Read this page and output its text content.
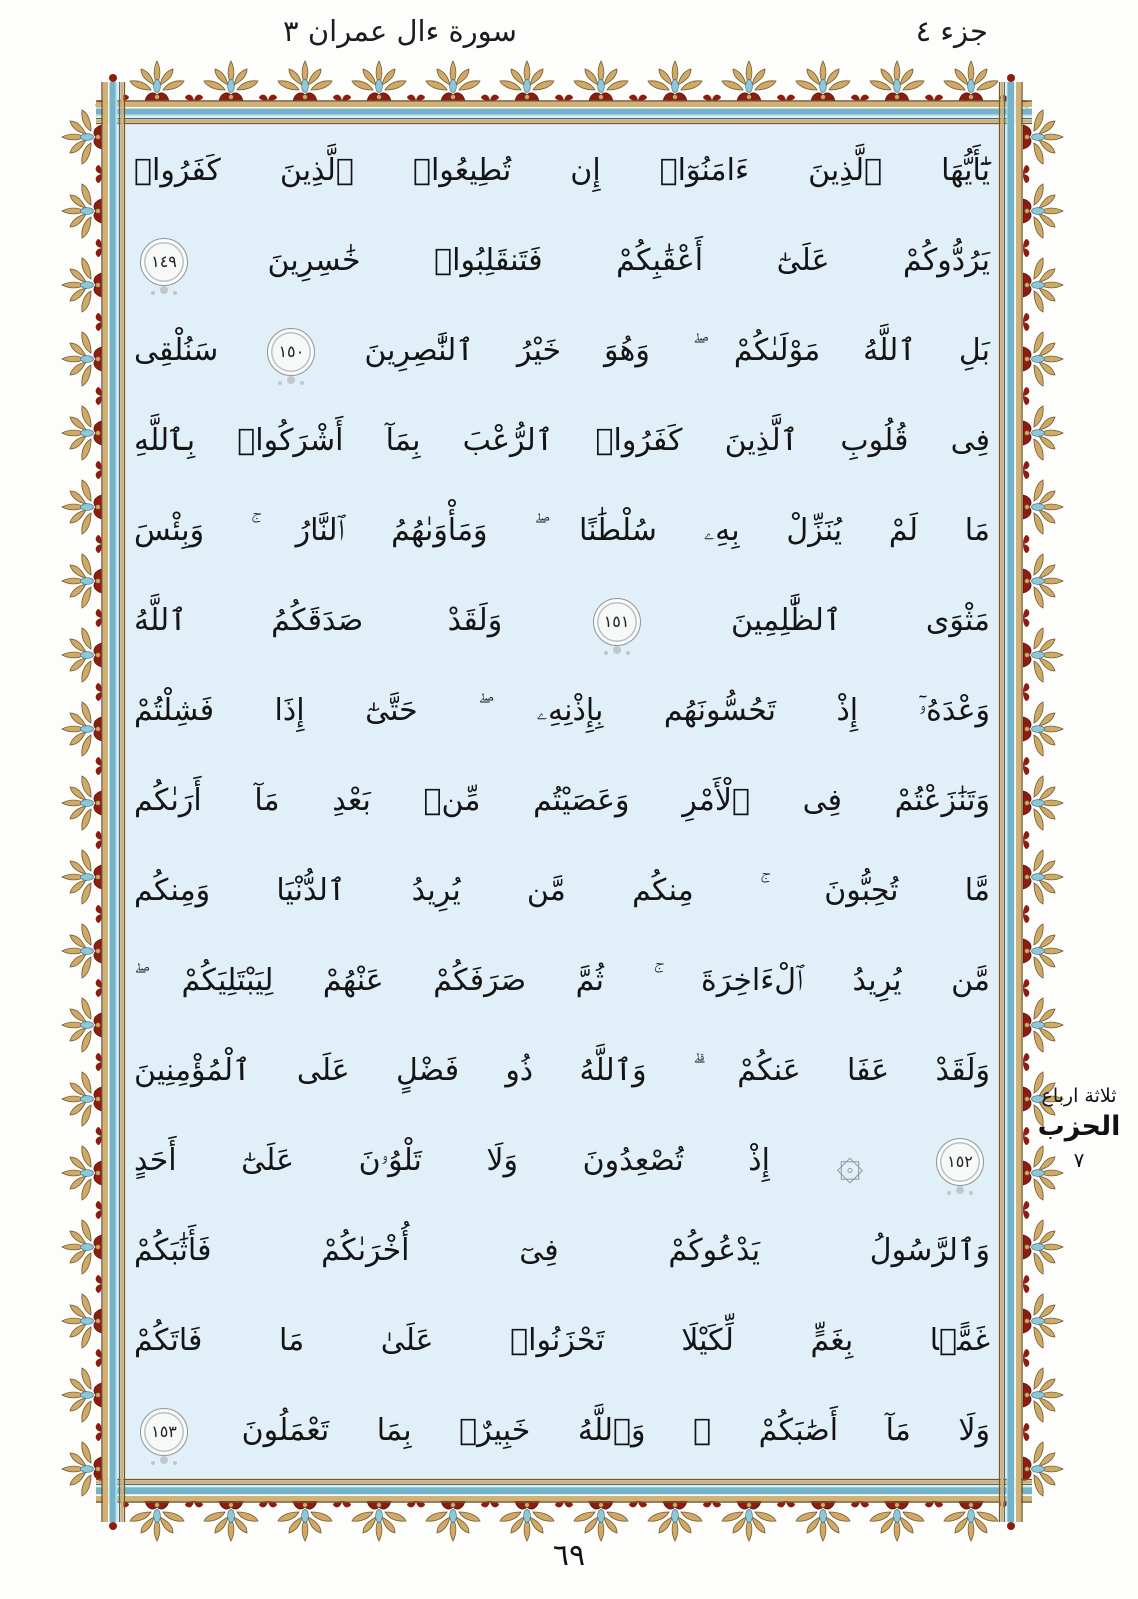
سورة ءال عمران ٣	جزء ٤
يَٰٓأَيُّهَا ٱلَّذِينَ ءَامَنُوٓا۟ إِن تُطِيعُوا۟ ٱلَّذِينَ كَفَرُوا۟
يَرُدُّوكُمْ عَلَىٰٓ أَعْقَٰبِكُمْ فَتَنقَلِبُوا۟ خَٰسِرِينَ
١٤٩
بَلِ ٱللَّهُ مَوْلَىٰكُمْ ۖ وَهُوَ خَيْرُ ٱلنَّٰصِرِينَ
١٥٠
سَنُلْقِى
فِى قُلُوبِ ٱلَّذِينَ كَفَرُوا۟ ٱلرُّعْبَ بِمَآ أَشْرَكُوا۟ بِٱللَّهِ
مَا لَمْ يُنَزِّلْ بِهِۦ سُلْطَٰنًا ۖ وَمَأْوَىٰهُمُ ٱلنَّارُ ۚ وَبِئْسَ
مَثْوَى ٱلظَّٰلِمِينَ
١٥١
وَلَقَدْ صَدَقَكُمُ ٱللَّهُ
وَعْدَهُۥٓ إِذْ تَحُسُّونَهُم بِإِذْنِهِۦ ۖ حَتَّىٰٓ إِذَا فَشِلْتُمْ
وَتَنَٰزَعْتُمْ فِى ٱلْأَمْرِ وَعَصَيْتُم مِّنۢ بَعْدِ مَآ أَرَىٰكُم
مَّا تُحِبُّونَ ۚ مِنكُم مَّن يُرِيدُ ٱلدُّنْيَا وَمِنكُم
مَّن يُرِيدُ ٱلْءَاخِرَةَ ۚ ثُمَّ صَرَفَكُمْ عَنْهُمْ لِيَبْتَلِيَكُمْ ۖ
وَلَقَدْ عَفَا عَنكُمْ ۗ وَٱللَّهُ ذُو فَضْلٍ عَلَى ٱلْمُؤْمِنِينَ
١٥٢
۞ إِذْ تُصْعِدُونَ وَلَا تَلْوُۥنَ عَلَىٰٓ أَحَدٍ
وَٱلرَّسُولُ يَدْعُوكُمْ فِىٓ أُخْرَىٰكُمْ فَأَثَٰبَكُمْ
غَمًّۢا بِغَمٍّ لِّكَيْلَا تَحْزَنُوا۟ عَلَىٰ مَا فَاتَكُمْ
وَلَا مَآ أَصَٰبَكُمْ ۗ وَٱللَّهُ خَبِيرٌۢ بِمَا تَعْمَلُونَ
١٥٣
ثلاثة ارباع
الحزب
٧
٦٩
